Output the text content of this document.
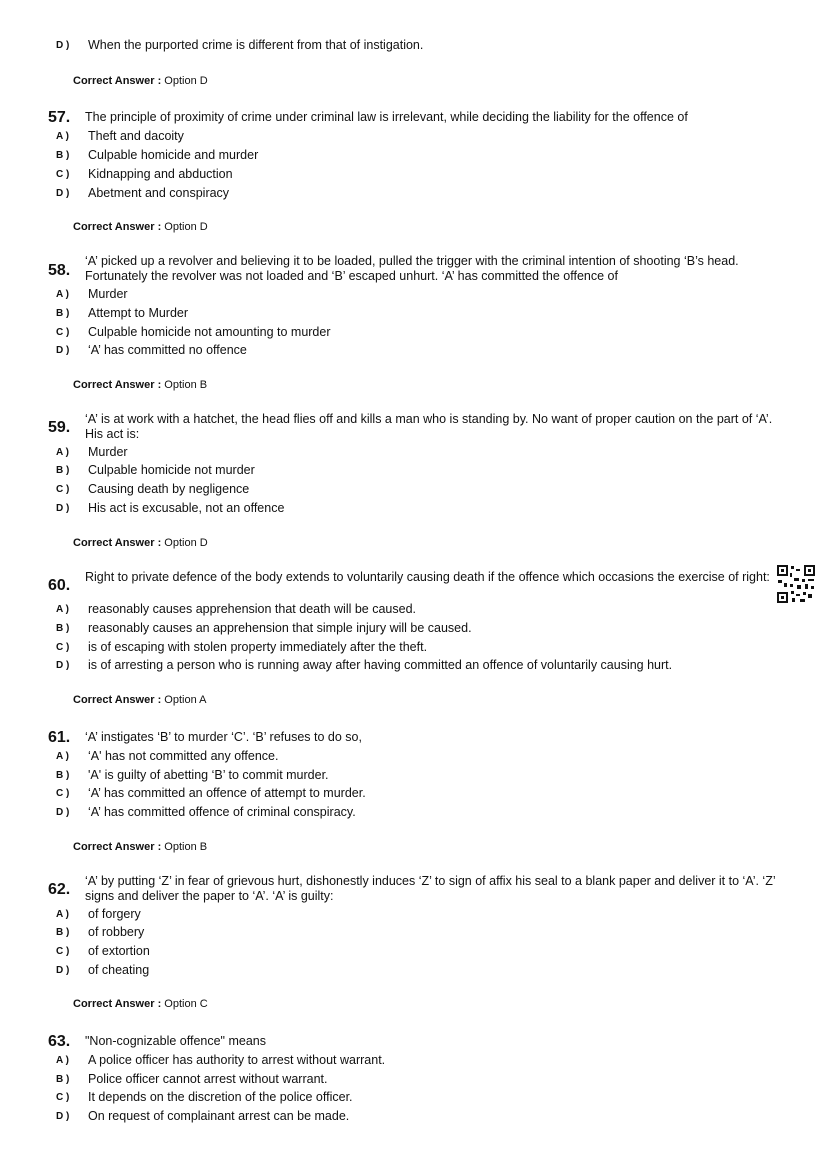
D ) When the purported crime is different from that of instigation.
Correct Answer : Option D
57. The principle of proximity of crime under criminal law is irrelevant, while deciding the liability for the offence of
A ) Theft and dacoity
B ) Culpable homicide and murder
C ) Kidnapping and abduction
D ) Abetment and conspiracy
Correct Answer : Option D
58.
‘A’ picked up a revolver and believing it to be loaded, pulled the trigger with the criminal intention of shooting ‘B’s head. Fortunately the revolver was not loaded and ‘B’ escaped unhurt. ‘A’ has committed the offence of
A ) Murder
B ) Attempt to Murder
C ) Culpable homicide not amounting to murder
D ) ‘A’ has committed no offence
Correct Answer : Option B
59. ‘A’ is at work with a hatchet, the head flies off and kills a man who is standing by. No want of proper caution on the part of ‘A’. His act is:
A ) Murder
B ) Culpable homicide not murder
C ) Causing death by negligence
D ) His act is excusable, not an offence
Correct Answer : Option D
60. Right to private defence of the body extends to voluntarily causing death if the offence which occasions the exercise of right:
A ) reasonably causes apprehension that death will be caused.
B ) reasonably causes an apprehension that simple injury will be caused.
C ) is of escaping with stolen property immediately after the theft.
D ) is of arresting a person who is running away after having committed an offence of voluntarily causing hurt.
Correct Answer : Option A
61. ‘A’ instigates ‘B’ to murder ‘C’. ‘B’ refuses to do so,
A ) ‘A' has not committed any offence.
B ) 'A' is guilty of abetting ‘B’ to commit murder.
C ) ‘A’ has committed an offence of attempt to murder.
D ) ‘A’ has committed offence of criminal conspiracy.
Correct Answer : Option B
62. ‘A’ by putting ‘Z’ in fear of grievous hurt, dishonestly induces ‘Z’ to sign of affix his seal to a blank paper and deliver it to ‘A’. ‘Z’ signs and deliver the paper to ‘A’. ‘A’ is guilty:
A ) of forgery
B ) of robbery
C ) of extortion
D ) of cheating
Correct Answer : Option C
63. "Non-cognizable offence" means
A ) A police officer has authority to arrest without warrant.
B ) Police officer cannot arrest without warrant.
C ) It depends on the discretion of the police officer.
D ) On request of complainant arrest can be made.
